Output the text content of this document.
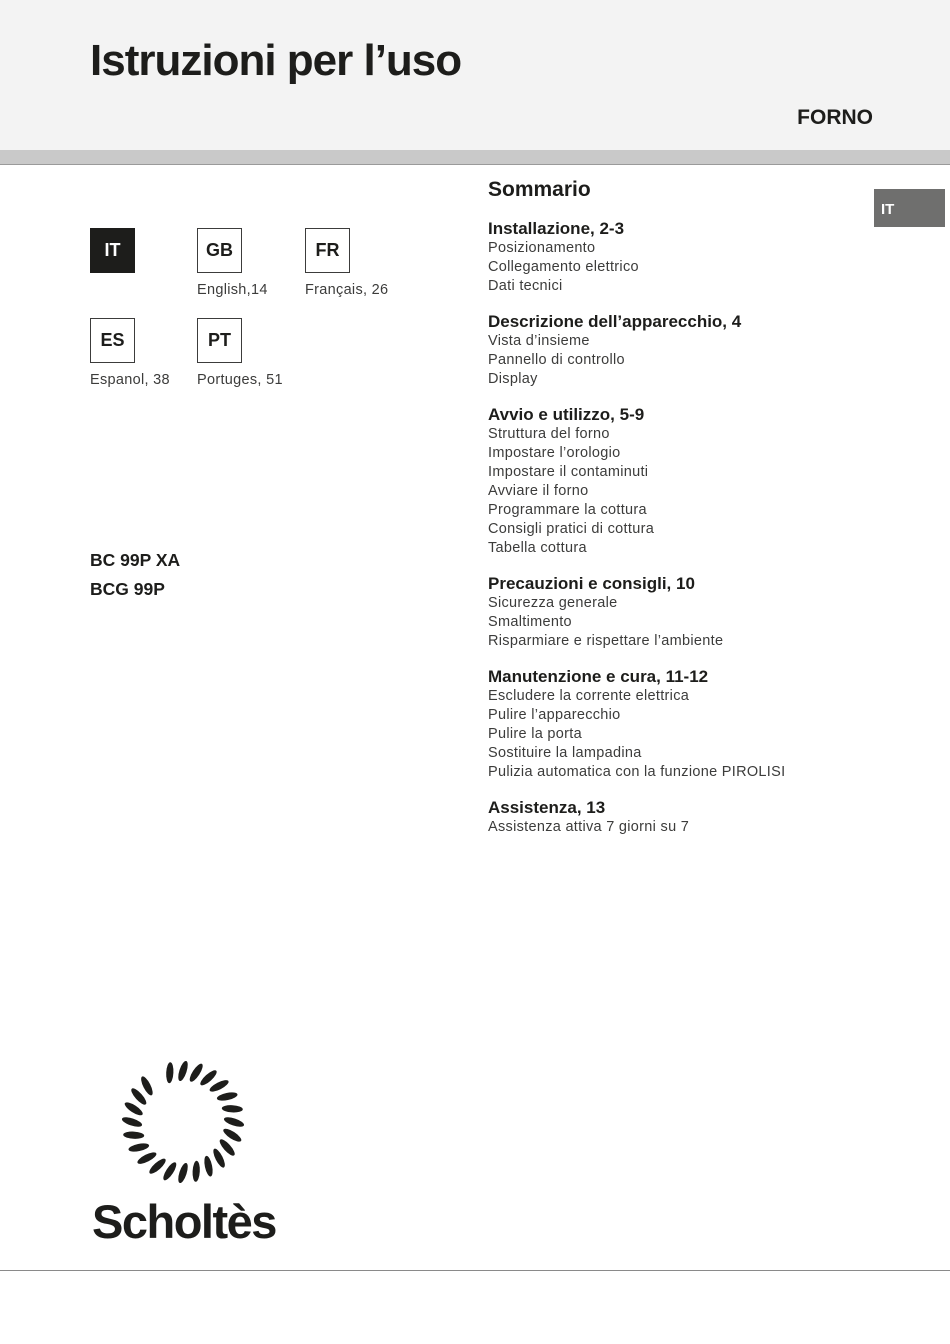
Istruzioni per l’uso
FORNO
IT
IT	GB
English,14
FR
Français, 26
ES
Espanol, 38
PT
Portuges, 51
BC 99P XA
BCG 99P
Sommario
Installazione, 2-3
Posizionamento
Collegamento elettrico
Dati tecnici
Descrizione dell’apparecchio, 4
Vista d’insieme
Pannello di controllo
Display
Avvio e utilizzo, 5-9
Struttura del forno
Impostare l’orologio
Impostare il contaminuti
Avviare il forno
Programmare la cottura
Consigli pratici di cottura
Tabella cottura
Precauzioni e consigli, 10
Sicurezza generale
Smaltimento
Risparmiare e rispettare l’ambiente
Manutenzione e cura, 11-12
Escludere la corrente elettrica
Pulire l’apparecchio
Pulire la porta
Sostituire la lampadina
Pulizia automatica con la funzione PIROLISI
Assistenza, 13
Assistenza attiva 7 giorni su 7
Scholtès
